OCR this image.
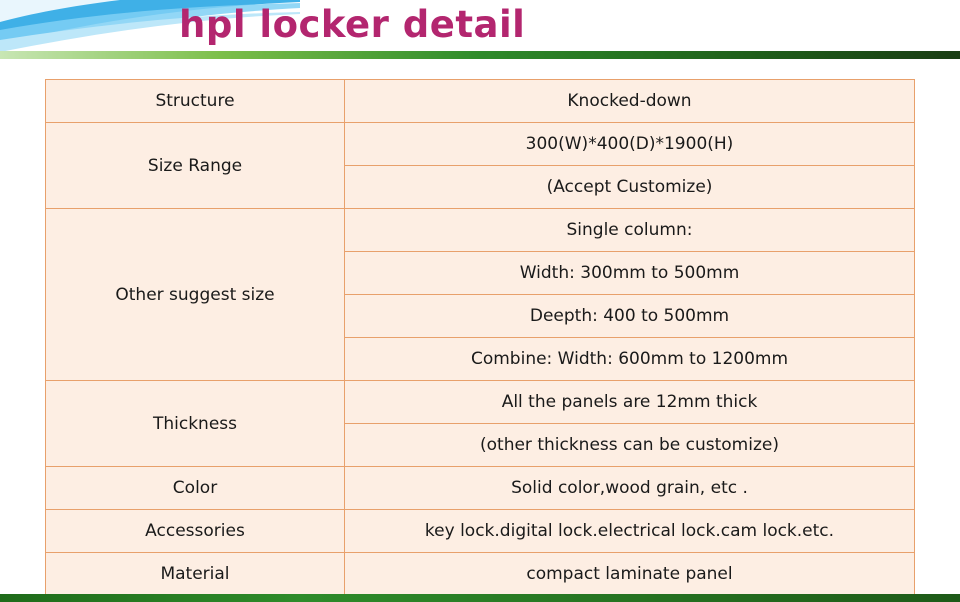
hpl locker detail
Structure	Knocked-down
Size Range	300(W)*400(D)*1900(H)
	(Accept Customize)
Other suggest size	Single column:
	Width: 300mm to 500mm
	Deepth: 400 to 500mm
	Combine: Width: 600mm to 1200mm
Thickness	All the panels are 12mm thick
	(other thickness can be customize)
Color	Solid color,wood grain, etc .
Accessories	key lock.digital lock.electrical lock.cam lock.etc.
Material	compact laminate panel
